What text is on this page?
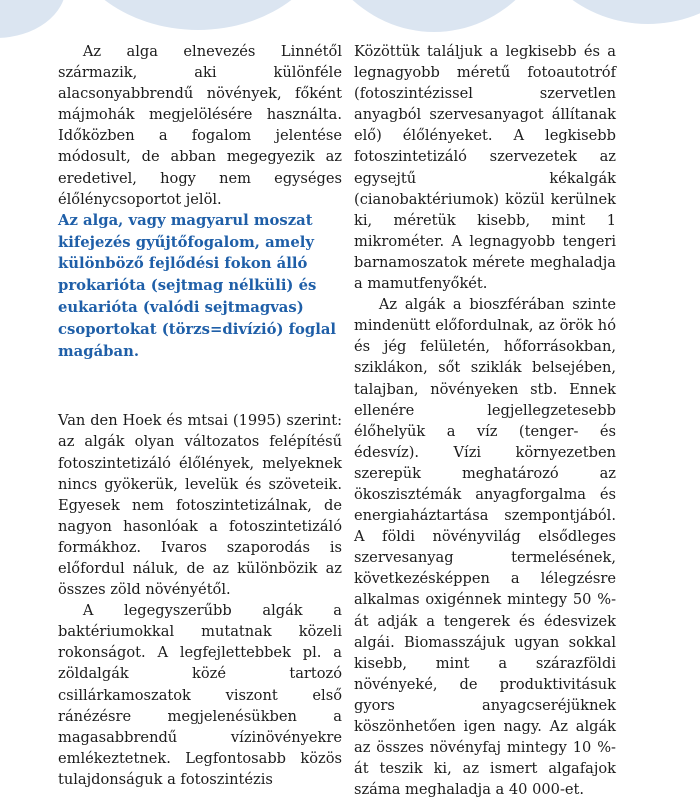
Az alga elnevezés Linnétől származik, aki különféle alacsonyabbrendű növények, főként májmohák megjelölésére használta. Időközben a fogalom jelentése módosult, de abban megegyezik az eredetivel, hogy nem egységes élőlénycsoportot jelöl.

Az alga, vagy magyarul moszat kifejezés gyűjtőfogalom, amely különböző fejlődési fokon álló prokarióta (sejtmag nélküli) és eukarióta (valódi sejtmagvas) csoportokat (törzs=divízió) foglal magában.

Van den Hoek és mtsai (1995) szerint: az algák olyan változatos felépítésű fotoszintetizáló élőlények, melyeknek nincs gyökerük, levelük és szöveteik. Egyesek nem fotoszintetizálnak, de nagyon hasonlóak a fotoszintetizáló formákhoz. Ivaros szaporodás is előfordul náluk, de az különbözik az összes zöld növényétől.

A legegyszerűbb algák a baktériumokkal mutatnak közeli rokonságot. A legfejlettebbek pl. a zöldalgák közé tartozó csillárkamoszatok viszont első ránézésre megjelenésükben a magasabbrendű vízinövényekre emlékeztetnek. Legfontosabb közös tulajdonságuk a fotoszintézis

Közöttük találjuk a legkisebb és a legnagyobb méretű fotoautotróf (fotoszintézissel szervetlen anyagból szervesanyagot állítanak elő) élőlényeket. A legkisebb fotoszintetizáló szervezetek az egysejtű kékalgák (cianobaktériumok) közül kerülnek ki, méretük kisebb, mint 1 mikrométer. A legnagyobb tengeri barnamoszatok mérete meghaladja a mamutfenyőkét.

Az algák a bioszférában szinte mindenütt előfordulnak, az örök hó és jég felületén, hőforrásokban, sziklákon, sőt sziklák belsejében, talajban, növényeken stb. Ennek ellenére legjellegzetesebb élőhelyük a víz (tenger- és édesvíz). Vízi környezetben szerepük meghatározó az ökoszisztémák anyagforgalma és energiaháztartása szempontjából. A földi növényvilág elsődleges szervesanyag termelésének, következésképpen a lélegzésre alkalmas oxigénnek mintegy 50 %-át adják a tengerek és édesvizek algái. Biomasszájuk ugyan sokkal kisebb, mint a szárazföldi növényeké, de produktivitásuk gyors anyagcseréjüknek köszönhetően igen nagy. Az algák az összes növényfaj mintegy 10 %-át teszik ki, az ismert algafajok száma meghaladja a 40 000-et.
